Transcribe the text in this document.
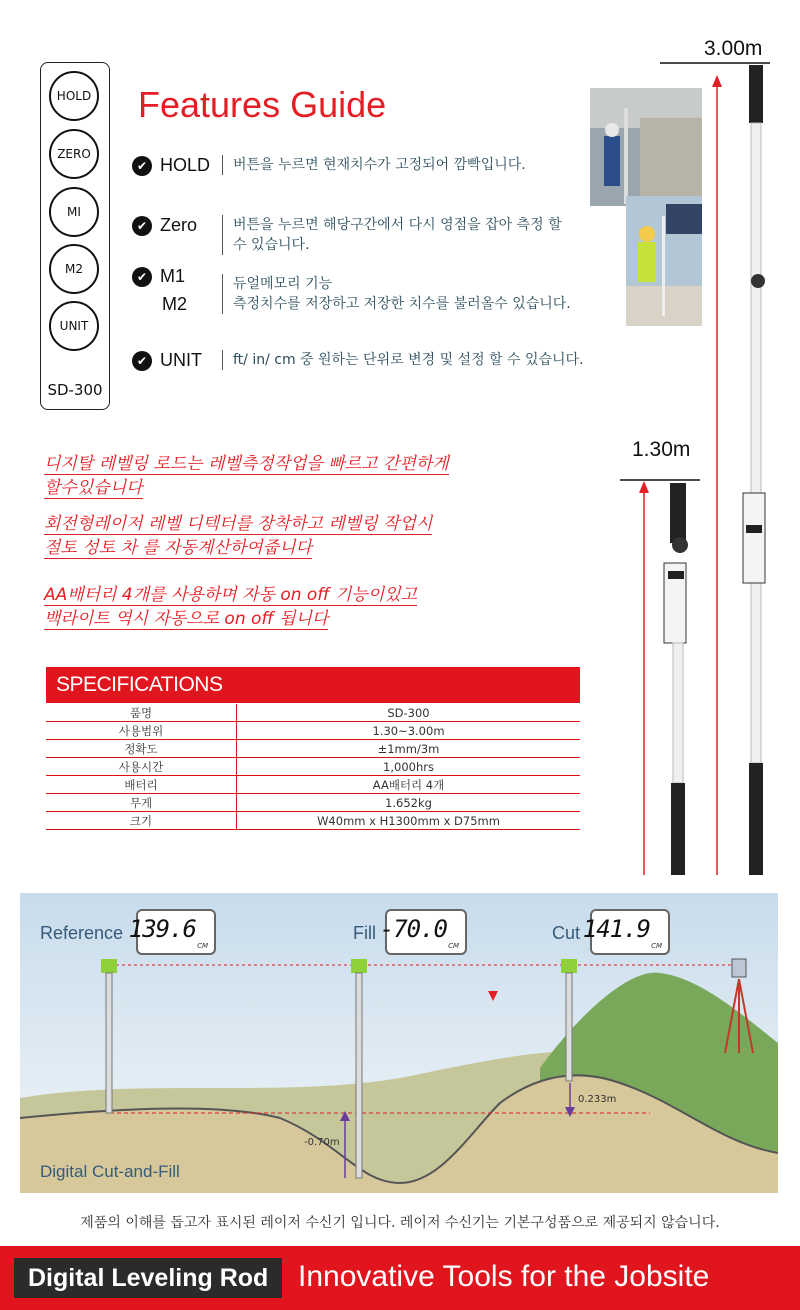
HOLD
ZERO
MI
M2
UNIT
SD-300
Features Guide
✔ HOLD	버튼을 누르면 현재치수가 고정되어 깜빡입니다.
✔ Zero	버튼을 누르면 해당구간에서 다시 영점을 잡아 측정 할 수 있습니다.
✔ M1
M2
듀얼메모리 기능
측정치수를 저장하고 저장한 치수를 불러올수 있습니다.
✔ UNIT	ft/ in/ cm 중 원하는 단위로 변경 및 설정 할 수 있습니다.
디지탈 레벨링 로드는 레벨측정작업을 빠르고 간편하게
할수있습니다
회전형레이저 레벨 디텍터를 장착하고 레벨링 작업시
절토 성토 차 를 자동계산하여줍니다
AA배터리 4개를 사용하며 자동 on off 기능이있고
백라이트 역시 자동으로 on off 됩니다
SPECIFICATIONS
품명	SD-300
사용범위	1.30~3.00m
정확도	±1mm/3m
사용시간	1,000hrs
배터리	AA배터리 4개
무게	1.652kg
크기	W40mm x H1300mm x D75mm
3.00m
1.30m
Reference 139.6
CM
Fill -70.0
CM
Cut 141.9
CM
-0.70m
0.233m
Digital Cut-and-Fill
제품의 이해를 돕고자 표시된 레이저 수신기 입니다. 레이저 수신기는 기본구성품으로 제공되지 않습니다.
Digital Leveling Rod Innovative Tools for the Jobsite
